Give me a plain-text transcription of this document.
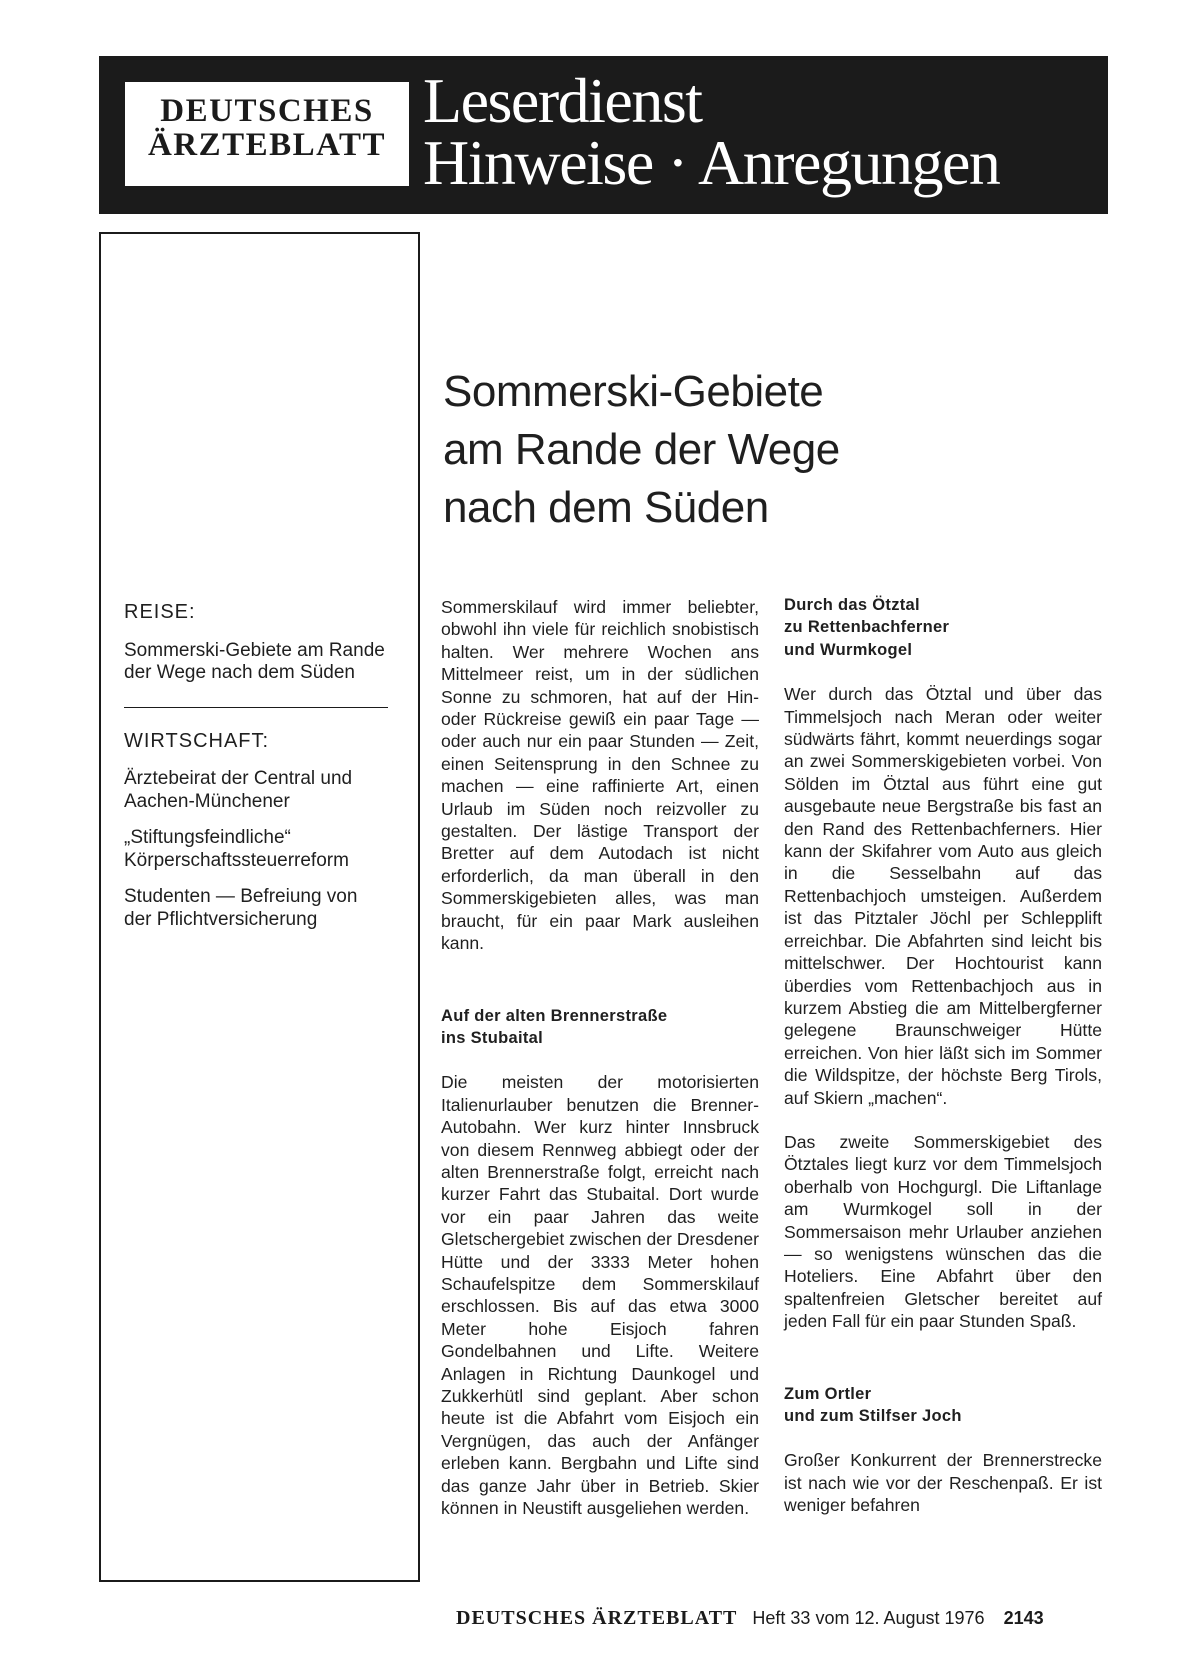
DEUTSCHES
ÄRZTEBLATT
Leserdienst
Hinweise · Anregungen
REISE:
Sommerski-Gebiete am Rande der Wege nach dem Süden
WIRTSCHAFT:
Ärztebeirat der Central und Aachen-Münchener
„Stiftungsfeindliche“ Körperschaftssteuerreform
Studenten — Befreiung von der Pflichtversicherung
Sommerski-Gebiete
am Rande der Wege
nach dem Süden

Sommerskilauf wird immer beliebter, obwohl ihn viele für reichlich snobistisch halten. Wer mehrere Wochen ans Mittelmeer reist, um in der südlichen Sonne zu schmoren, hat auf der Hin- oder Rückreise gewiß ein paar Tage — oder auch nur ein paar Stunden — Zeit, einen Seitensprung in den Schnee zu machen — eine raffinierte Art, einen Urlaub im Süden noch reizvoller zu gestalten. Der lästige Transport der Bretter auf dem Autodach ist nicht erforderlich, da man überall in den Sommerskigebieten alles, was man braucht, für ein paar Mark ausleihen kann.

Auf der alten Brennerstraße
ins Stubaital

Die meisten der motorisierten Italienurlauber benutzen die Brenner-Autobahn. Wer kurz hinter Innsbruck von diesem Rennweg abbiegt oder der alten Brennerstraße folgt, erreicht nach kurzer Fahrt das Stubaital. Dort wurde vor ein paar Jahren das weite Gletschergebiet zwischen der Dresdener Hütte und der 3333 Meter hohen Schaufelspitze dem Sommerskilauf erschlossen. Bis auf das etwa 3000 Meter hohe Eisjoch fahren Gondelbahnen und Lifte. Weitere Anlagen in Richtung Daunkogel und Zukkerhütl sind geplant. Aber schon heute ist die Abfahrt vom Eisjoch ein Vergnügen, das auch der Anfänger erleben kann. Bergbahn und Lifte sind das ganze Jahr über in Betrieb. Skier können in Neustift ausgeliehen werden.

Durch das Ötztal
zu Rettenbachferner
und Wurmkogel

Wer durch das Ötztal und über das Timmelsjoch nach Meran oder weiter südwärts fährt, kommt neuerdings sogar an zwei Sommerskigebieten vorbei. Von Sölden im Ötztal aus führt eine gut ausgebaute neue Bergstraße bis fast an den Rand des Rettenbachferners. Hier kann der Skifahrer vom Auto aus gleich in die Sesselbahn auf das Rettenbachjoch umsteigen. Außerdem ist das Pitztaler Jöchl per Schlepplift erreichbar. Die Abfahrten sind leicht bis mittelschwer. Der Hochtourist kann überdies vom Rettenbachjoch aus in kurzem Abstieg die am Mittelbergferner gelegene Braunschweiger Hütte erreichen. Von hier läßt sich im Sommer die Wildspitze, der höchste Berg Tirols, auf Skiern „machen“.

Das zweite Sommerskigebiet des Ötztales liegt kurz vor dem Timmelsjoch oberhalb von Hochgurgl. Die Liftanlage am Wurmkogel soll in der Sommersaison mehr Urlauber anziehen — so wenigstens wünschen das die Hoteliers. Eine Abfahrt über den spaltenfreien Gletscher bereitet auf jeden Fall für ein paar Stunden Spaß.

Zum Ortler
und zum Stilfser Joch

Großer Konkurrent der Brennerstrecke ist nach wie vor der Reschenpaß. Er ist weniger befahren

DEUTSCHES ÄRZTEBLATT Heft 33 vom 12. August 1976 2143
